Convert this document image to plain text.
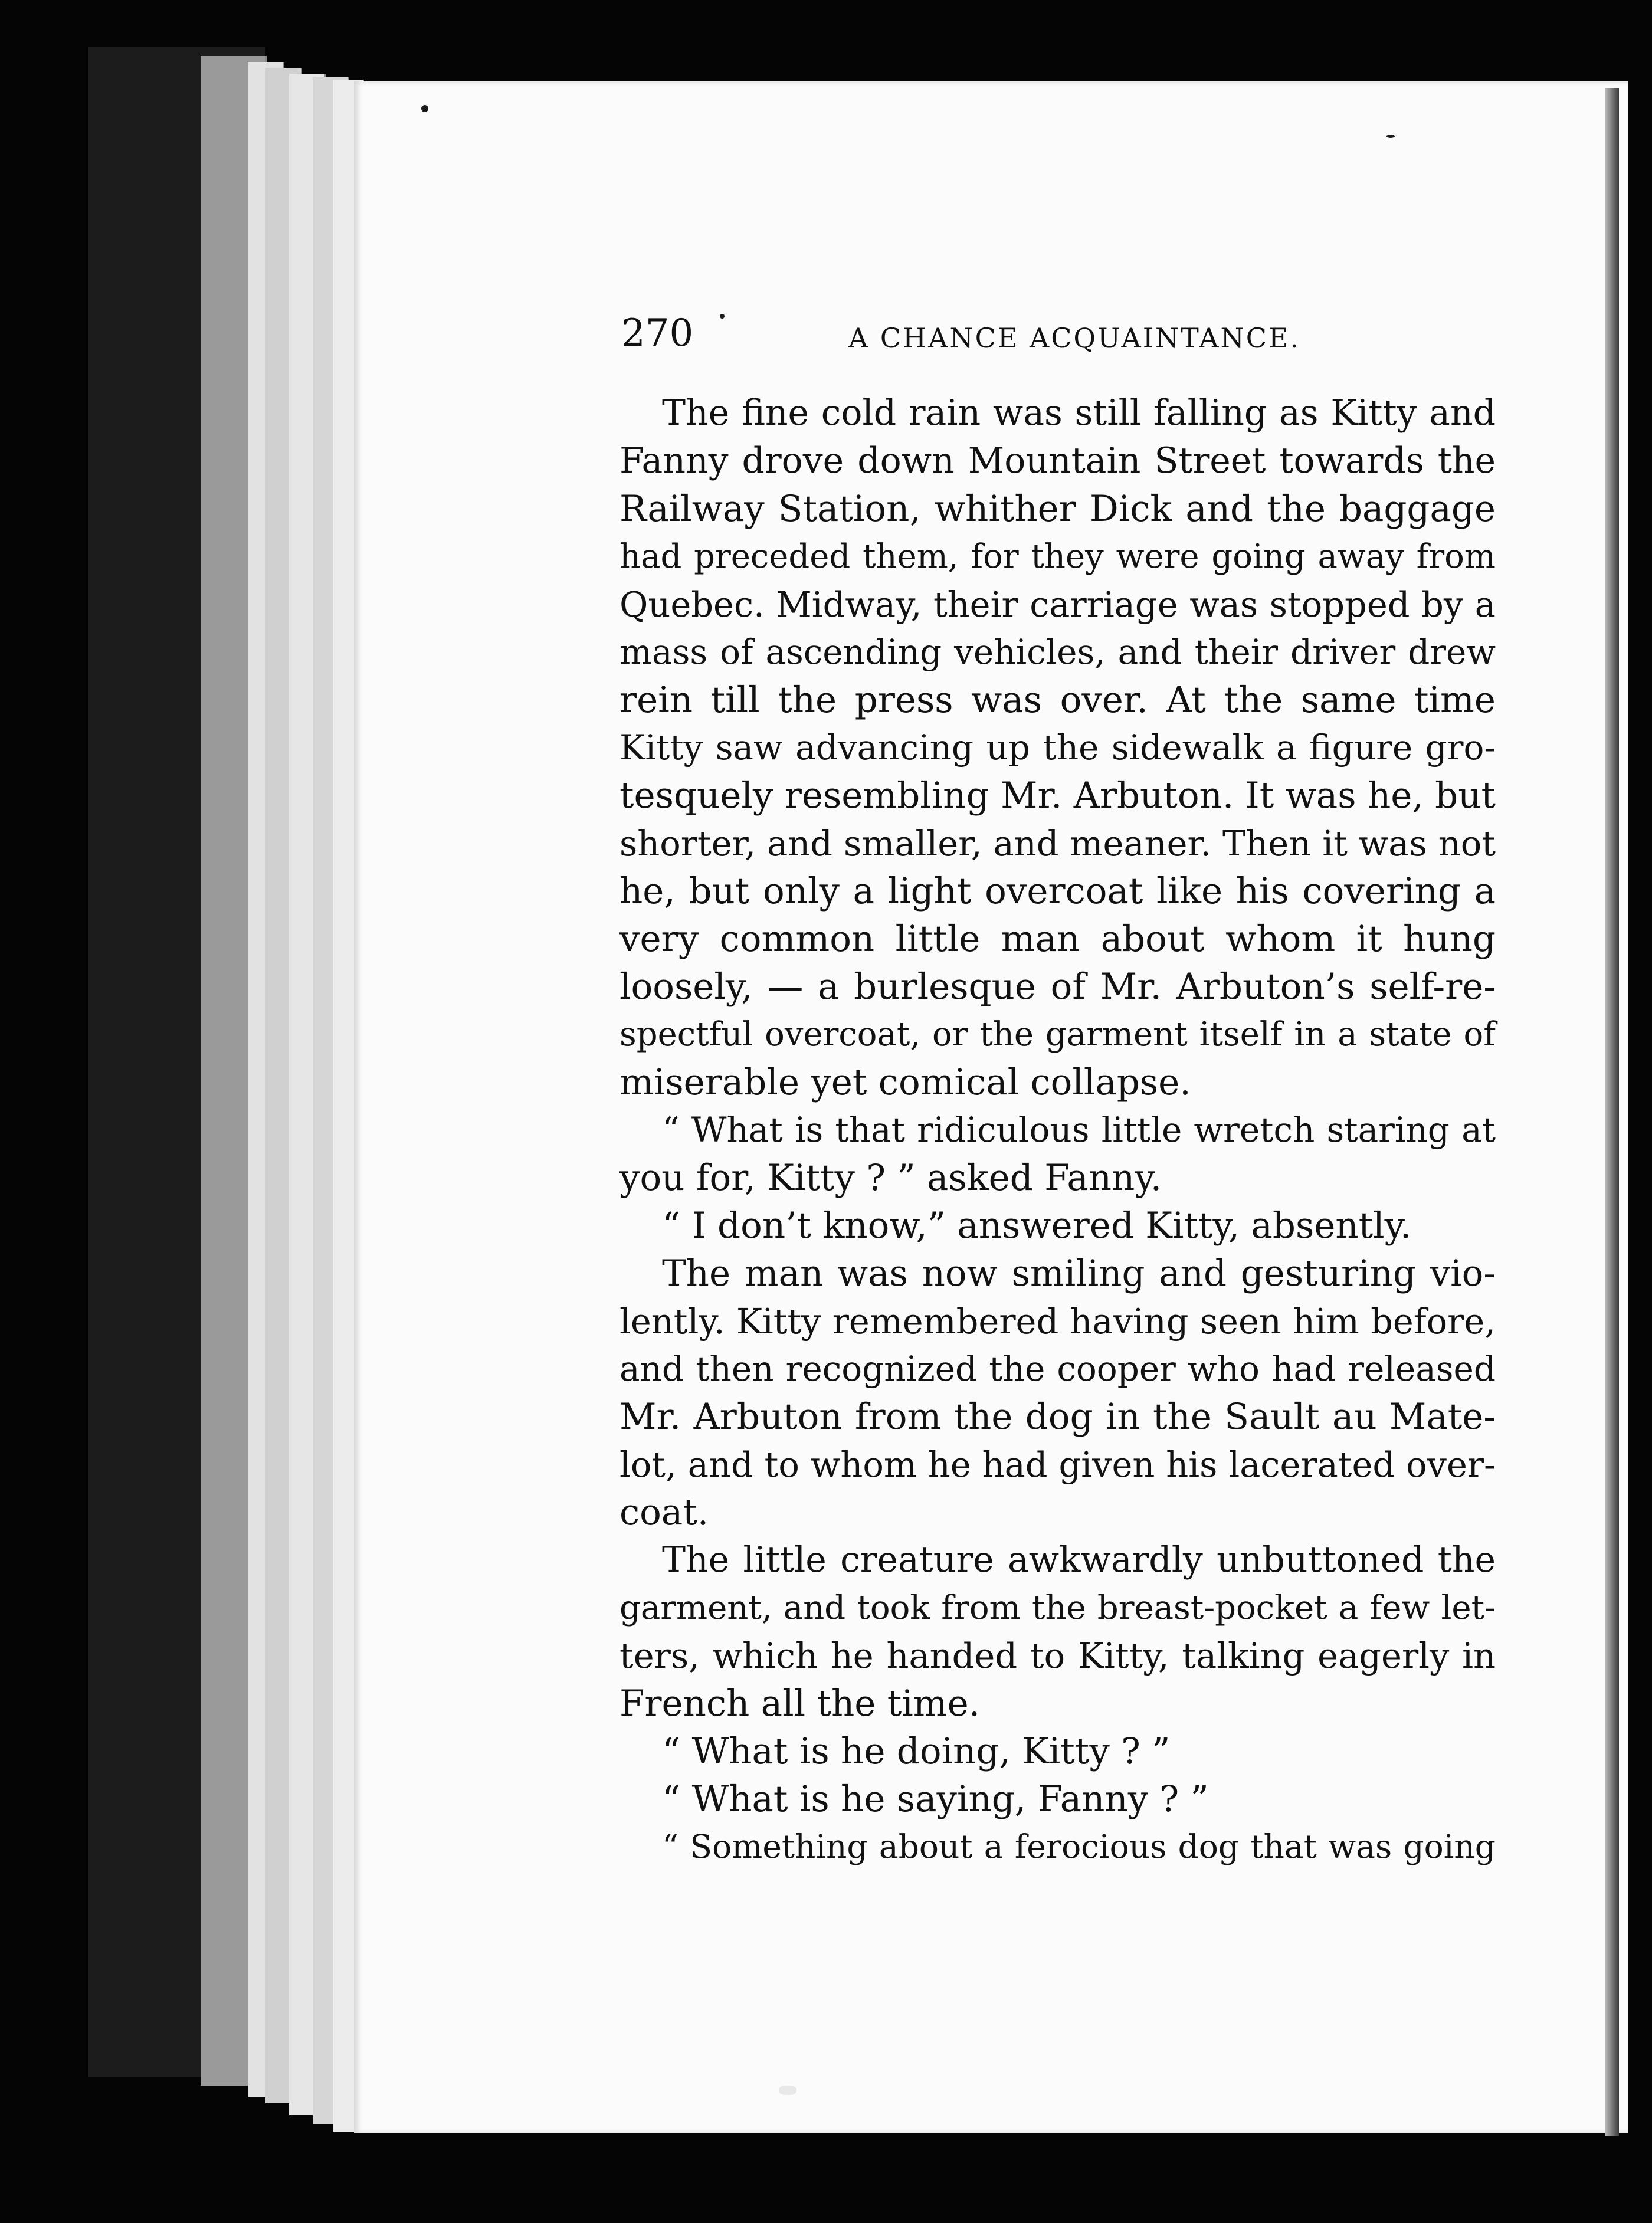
270	A CHANCE ACQUAINTANCE.
The fine cold rain was still falling as Kitty and
Fanny drove down Mountain Street towards the
Railway Station, whither Dick and the baggage
had preceded them, for they were going away from
Quebec. Midway, their carriage was stopped by a
mass of ascending vehicles, and their driver drew
rein till the press was over. At the same time
Kitty saw advancing up the sidewalk a figure gro-
tesquely resembling Mr. Arbuton. It was he, but
shorter, and smaller, and meaner. Then it was not
he, but only a light overcoat like his covering a
very common little man about whom it hung
loosely, — a burlesque of Mr. Arbuton’s self-re-
spectful overcoat, or the garment itself in a state of
miserable yet comical collapse.
“ What is that ridiculous little wretch staring at
you for, Kitty ? ” asked Fanny.
“ I don’t know,” answered Kitty, absently.
The man was now smiling and gesturing vio-
lently. Kitty remembered having seen him before,
and then recognized the cooper who had released
Mr. Arbuton from the dog in the Sault au Mate-
lot, and to whom he had given his lacerated over-
coat.
The little creature awkwardly unbuttoned the
garment, and took from the breast-pocket a few let-
ters, which he handed to Kitty, talking eagerly in
French all the time.
“ What is he doing, Kitty ? ”
“ What is he saying, Fanny ? ”
“ Something about a ferocious dog that was going
